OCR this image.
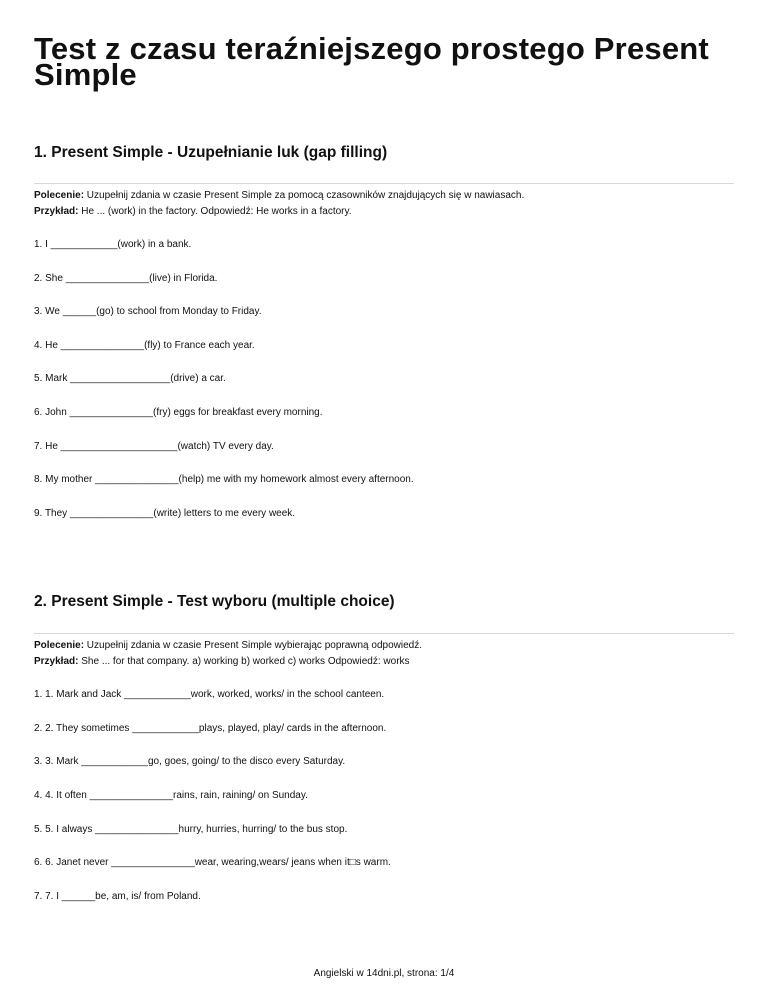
Test z czasu teraźniejszego prostego Present Simple
1. Present Simple - Uzupełnianie luk (gap filling)
Polecenie: Uzupełnij zdania w czasie Present Simple za pomocą czasowników znajdujących się w nawiasach.
Przykład: He ... (work) in the factory. Odpowiedź: He works in a factory.
1. I ____________(work) in a bank.
2. She _______________(live) in Florida.
3. We ______(go) to school from Monday to Friday.
4. He _______________(fly) to France each year.
5. Mark __________________(drive) a car.
6. John _______________(fry) eggs for breakfast every morning.
7. He _____________________(watch) TV every day.
8. My mother _______________(help) me with my homework almost every afternoon.
9. They _______________(write) letters to me every week.
2. Present Simple - Test wyboru (multiple choice)
Polecenie: Uzupełnij zdania w czasie Present Simple wybierając poprawną odpowiedź.
Przykład: She ... for that company. a) working b) worked c) works Odpowiedź: works
1. 1. Mark and Jack ____________work, worked, works/ in the school canteen.
2. 2. They sometimes ____________plays, played, play/ cards in the afternoon.
3. 3. Mark ____________go, goes, going/ to the disco every Saturday.
4. 4. It often _______________rains, rain, raining/ on Sunday.
5. 5. I always _______________hurry, hurries, hurring/ to the bus stop.
6. 6. Janet never _______________wear, wearing,wears/ jeans when it□s warm.
7. 7. I ______be, am, is/ from Poland.
Angielski w 14dni.pl, strona: 1/4
